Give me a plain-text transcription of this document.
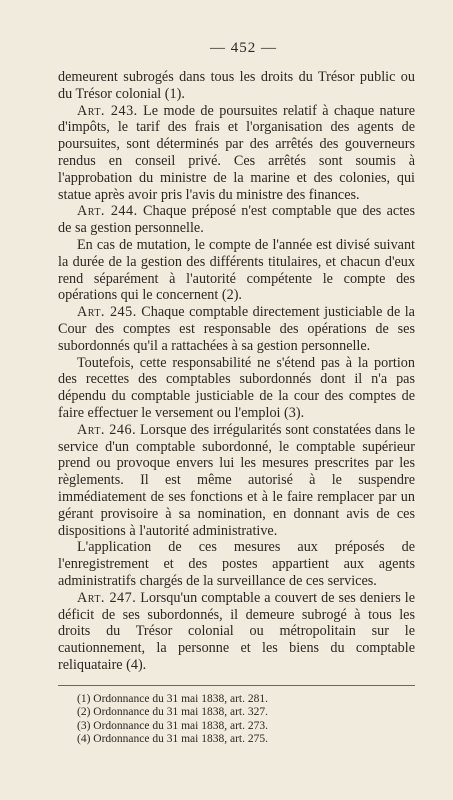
— 452 —

demeurent subrogés dans tous les droits du Trésor public ou du Trésor colonial (1).

Art. 243. Le mode de poursuites relatif à chaque nature d'impôts, le tarif des frais et l'organisation des agents de poursuites, sont déterminés par des arrêtés des gouverneurs rendus en conseil privé. Ces arrêtés sont soumis à l'approbation du ministre de la marine et des colonies, qui statue après avoir pris l'avis du ministre des finances.

Art. 244. Chaque préposé n'est comptable que des actes de sa gestion personnelle.

En cas de mutation, le compte de l'année est divisé suivant la durée de la gestion des différents titulaires, et chacun d'eux rend séparément à l'autorité compétente le compte des opérations qui le concernent (2).

Art. 245. Chaque comptable directement justiciable de la Cour des comptes est responsable des opérations de ses subordonnés qu'il a rattachées à sa gestion personnelle.

Toutefois, cette responsabilité ne s'étend pas à la portion des recettes des comptables subordonnés dont il n'a pas dépendu du comptable justiciable de la cour des comptes de faire effectuer le versement ou l'emploi (3).

Art. 246. Lorsque des irrégularités sont constatées dans le service d'un comptable subordonné, le comptable supérieur prend ou provoque envers lui les mesures prescrites par les règlements. Il est même autorisé à le suspendre immédiatement de ses fonctions et à le faire remplacer par un gérant provisoire à sa nomination, en donnant avis de ces dispositions à l'autorité administrative.

L'application de ces mesures aux préposés de l'enregistrement et des postes appartient aux agents administratifs chargés de la surveillance de ces services.

Art. 247. Lorsqu'un comptable a couvert de ses deniers le déficit de ses subordonnés, il demeure subrogé à tous les droits du Trésor colonial ou métropolitain sur le cautionnement, la personne et les biens du comptable reliquataire (4).

(1) Ordonnance du 31 mai 1838, art. 281.

(2) Ordonnance du 31 mai 1838, art. 327.

(3) Ordonnance du 31 mai 1838, art. 273.

(4) Ordonnance du 31 mai 1838, art. 275.
